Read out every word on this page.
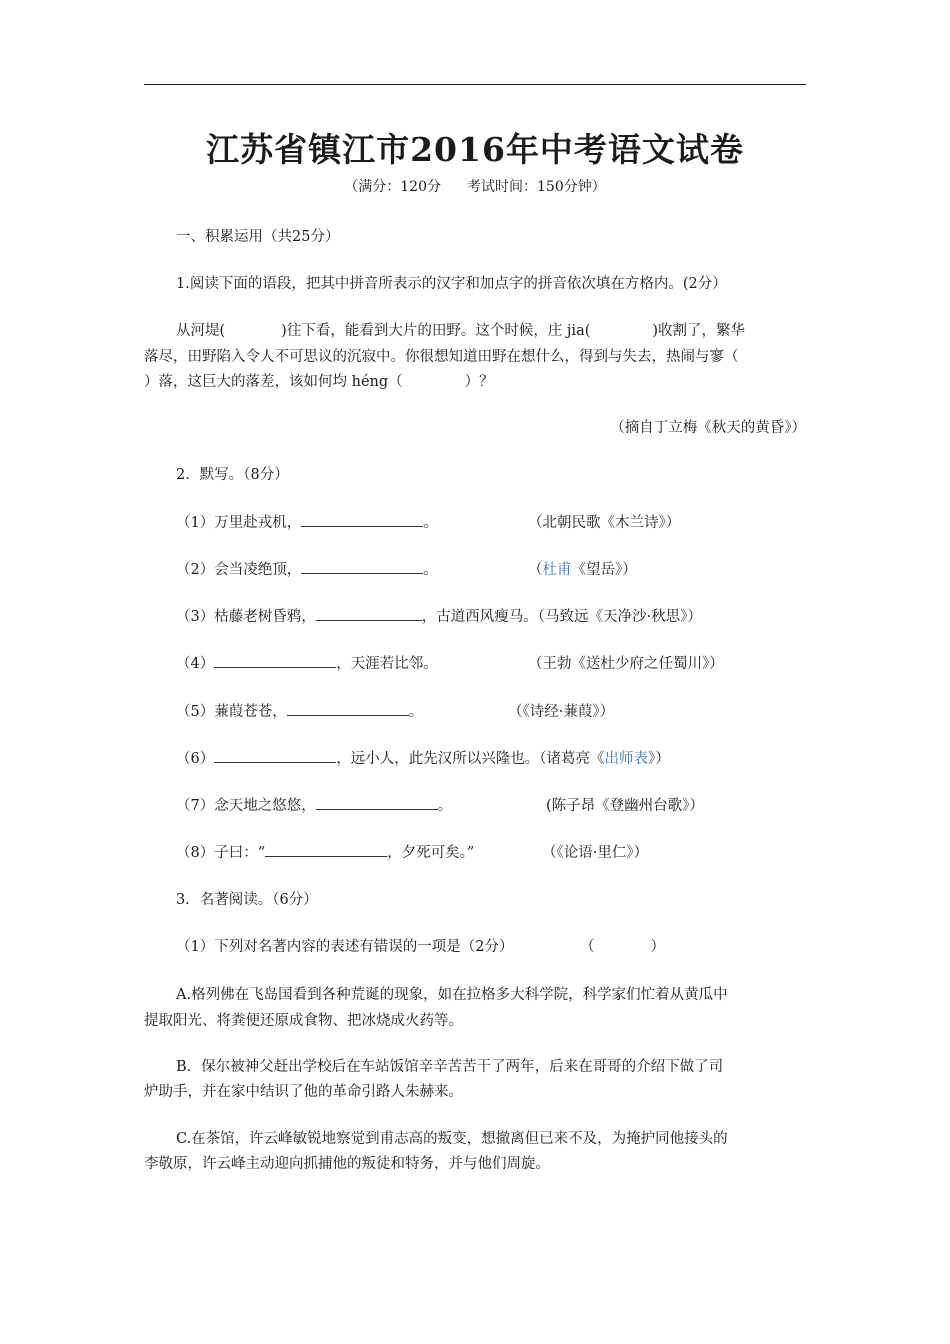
江苏省镇江市2016年中考语文试卷
（满分：120分 考试时间：150分钟）
一、积累运用（共25分）
1.阅读下面的语段，把其中拼音所表示的汉字和加点字的拼音依次填在方格内。(2分）
从河堤(	)往下看，能看到大片的田野。这个时候，庄 jia(	)收割了，繁华
落尽，田野陷入令人不可思议的沉寂中。你很想知道田野在想什么，得到与失去，热闹与寥（
）落，这巨大的落差，该如何均 héng（	）？
（摘自丁立梅《秋天的黄昏》）
2．默写。（8分）
（1）万里赴戎机，	。	（北朝民歌《木兰诗》）
（2）会当凌绝顶，	。	（杜甫《望岳》）
（3）枯藤老树昏鸦，	，古道西风瘦马。（马致远《天净沙·秋思》）
（4）	，天涯若比邻。	（王勃《送杜少府之任蜀川》）
（5）蒹葭苍苍，	。	（《诗经·蒹葭》）
（6）	，远小人，此先汉所以兴隆也。（诸葛亮《出师表》）
（7）念天地之悠悠，	。	(陈子昂《登幽州台歌》）
（8）子曰：“	，夕死可矣。”	（《论语·里仁》）
3．名著阅读。（6分）
（1）下列对名著内容的表述有错误的一项是（2分）	（	）
A.格列佛在飞岛国看到各种荒诞的现象，如在拉格多大科学院，科学家们忙着从黄瓜中
提取阳光、将粪便还原成食物、把冰烧成火药等。
B．保尔被神父赶出学校后在车站饭馆辛辛苦苦干了两年，后来在哥哥的介绍下做了司
炉助手，并在家中结识了他的革命引路人朱赫来。
C.在茶馆，许云峰敏锐地察觉到甫志高的叛变，想撤离但已来不及，为掩护同他接头的
李敬原，许云峰主动迎向抓捕他的叛徒和特务，并与他们周旋。
